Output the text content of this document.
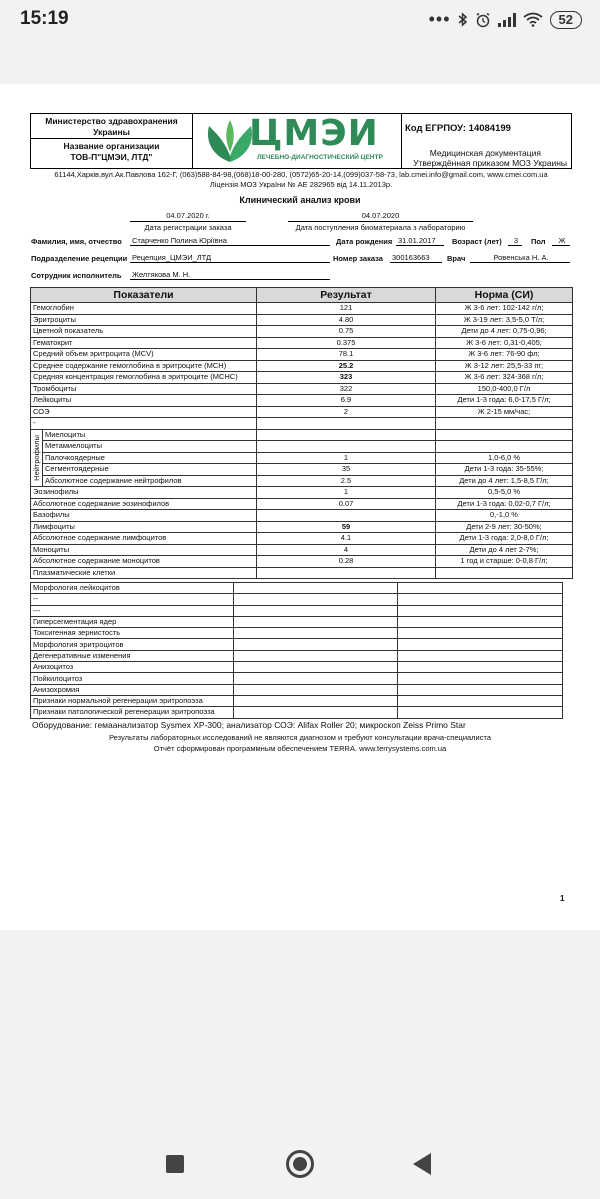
15:19	•••	52
Министерство здравохранения Украины
Название организации
ТОВ-П"ЦМЭИ, ЛТД"
ЦМЭИ
ЛЕЧЕБНО-ДИАГНОСТИЧЕСКИЙ ЦЕНТР
Код ЕГРПОУ: 14084199
Медицинская документация
Утверждённая приказом МОЗ Украины
61144,Харків,вул.Ак.Павлова 162-Г, (063)588-84-98,(068)18-00-280, (0572)65-20-14,(099)037-58-73, lab.cmei.info@gmail.com, www.cmei.com.ua
Ліцензія МОЗ України № АЕ 282965 від 14.11.2013р.
Клинический анализ крови
04.07.2020 г.
Дата регистрации заказа
04.07.2020
Дата поступления биоматериала з лабораторию
Фамилия, имя, отчество Старченко Полина Юріївна	Дата рождения 31.01.2017	Возраст (лет)	3	Пол	Ж
Подразделение рецепции Рецепция_ЦМЭИ_ЛТД	Номер заказа 300163663	Врач	Ровенська Н. А.
Сотрудник исполнитель Желтякова М. Н.
Показатели		Результат	Норма (СИ)
Гемоглобин		121	Ж 3-6 лет: 102-142 г/л;
Эритроциты		4.80	Ж 3-19 лет: 3,5-5,0 Т/л;
Цветной показатель		0.75	Дети до 4 лет: 0,75-0,96;
Гематокрит		0.375	Ж 3-6 лет: 0,31-0,405;
Средний объем эритроцита (MCV)		78.1	Ж 3-6 лет: 76-90 фл;
Среднее содержание гемоглобина в эритроците (MCH)		25.2	Ж 3-12 лет: 25,5-33 пг;
Средняя концентрация гемоглобина в эритроците (MCHC)		323	Ж 3-6 лет: 324-368 г/л;
Тромбоциты		322	150,0-400,0 Г/л
Лейкоциты		6.9	Дети 1-3 года: 6,0-17,5 Г/л;
СОЭ		2	Ж 2-15 мм/час;
-			

Нейтрофилы	Миелоциты		
	Метамиелоциты		
	Палочкоядерные	1	1,0-6,0 %
	Сегментоядерные	35	Дети 1-3 года: 35-55%;
	Абсолютное содержание нейтрофилов	2.5	Дети до 4 лет: 1,5-8,5 Г/л;
Эозинофилы		1	0,5-5,0 %
Абсолютное содержание эозинофилов		0.07	Дети 1-3 года: 0,02-0,7 Г/л;
Базофилы			0,-1,0 %
Лимфоциты		59	Дети 2-9 лет: 30-50%;
Абсолютное содержание лимфоцитов		4.1	Дети 1-3 года: 2,0-8,0 Г/л;
Моноциты		4	Дети до 4 лет 2-7%;
Абсолютное содержание моноцитов		0.28	1 год и старше: 0-0,8 Г/л;
Плазматические клетки			
Морфология лейкоцитов		
--		
---		
Гиперсегментация ядер		
Токсигенная зернистость		
Морфология эритроцитов		
Дегенеративные изменения		
Анизоцитоз		
Пойкилоцитоз		
Анизохромия		
Признаки нормальной регенерации эритропоэза		
Признаки патологической регенерации эритропоэза		
Оборудование: гемаанализатор Sysmex XP-300; анализатор СОЭ: Alifax Roller 20; микроскоп Zeiss Primo Star
Результаты лабораторных исследований не являются диагнозом и требуют консультации врача-специалиста
Отчёт сформирован программным обеспечением TERRA. www.terrysystems.com.ua
1
